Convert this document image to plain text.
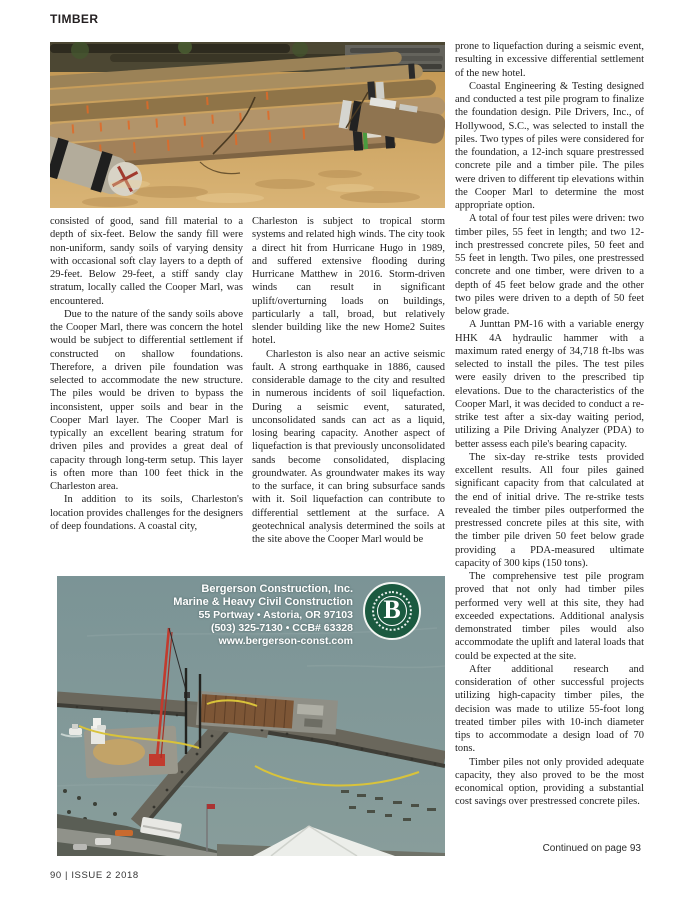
TIMBER

consisted of good, sand fill material to a depth of six-feet. Below the sandy fill were non-uniform, sandy soils of varying density with occasional soft clay layers to a depth of 29-feet. Below 29-feet, a stiff sandy clay stratum, locally called the Cooper Marl, was encountered.

Due to the nature of the sandy soils above the Cooper Marl, there was concern the hotel would be subject to differential settlement if constructed on shallow foundations. Therefore, a driven pile foundation was selected to accommodate the new structure. The piles would be driven to bypass the inconsistent, upper soils and bear in the Cooper Marl layer. The Cooper Marl is typically an excellent bearing stratum for driven piles and provides a great deal of capacity through long-term setup. This layer is often more than 100 feet thick in the Charleston area.

In addition to its soils, Charleston's location provides challenges for the designers of deep foundations. A coastal city,

Charleston is subject to tropical storm systems and related high winds. The city took a direct hit from Hurricane Hugo in 1989, and suffered extensive flooding during Hurricane Matthew in 2016. Storm-driven winds can result in significant uplift/overturning loads on buildings, particularly a tall, broad, but relatively slender building like the new Home2 Suites hotel.

Charleston is also near an active seismic fault. A strong earthquake in 1886, caused considerable damage to the city and resulted in numerous incidents of soil liquefaction. During a seismic event, saturated, unconsolidated sands can act as a liquid, losing bearing capacity. Another aspect of liquefaction is that previously unconsolidated sands become consolidated, displacing groundwater. As groundwater makes its way to the surface, it can bring subsurface sands with it. Soil liquefaction can contribute to differential settlement at the surface. A geotechnical analysis determined the soils at the site above the Cooper Marl would be

prone to liquefaction during a seismic event, resulting in excessive differential settlement of the new hotel.

Coastal Engineering & Testing designed and conducted a test pile program to finalize the foundation design. Pile Drivers, Inc., of Hollywood, S.C., was selected to install the piles. Two types of piles were considered for the foundation, a 12-inch square prestressed concrete pile and a timber pile. The piles were driven to different tip elevations within the Cooper Marl to determine the most appropriate option.

A total of four test piles were driven: two timber piles, 55 feet in length; and two 12-inch prestressed concrete piles, 50 feet and 55 feet in length. Two piles, one prestressed concrete and one timber, were driven to a depth of 45 feet below grade and the other two piles were driven to a depth of 50 feet below grade.

A Junttan PM-16 with a variable energy HHK 4A hydraulic hammer with a maximum rated energy of 34,718 ft-lbs was selected to install the piles. The test piles were easily driven to the prescribed tip elevations. Due to the characteristics of the Cooper Marl, it was decided to conduct a re-strike test after a six-day waiting period, utilizing a Pile Driving Analyzer (PDA) to better assess each pile's bearing capacity.

The six-day re-strike tests provided excellent results. All four piles gained significant capacity from that calculated at the end of initial drive. The re-strike tests revealed the timber piles outperformed the prestressed concrete piles at this site, with the timber pile driven 50 feet below grade providing a PDA-measured ultimate capacity of 300 kips (150 tons).

The comprehensive test pile program proved that not only had timber piles performed very well at this site, they had exceeded expectations. Additional analysis demonstrated timber piles would also accommodate the uplift and lateral loads that could be expected at the site.

After additional research and consideration of other successful projects utilizing high-capacity timber piles, the decision was made to utilize 55-foot long treated timber piles with 10-inch diameter tips to accommodate a design load of 70 tons.

Timber piles not only provided adequate capacity, they also proved to be the most economical option, providing a substantial cost savings over prestressed concrete piles.

Bergerson Construction, Inc.
Marine & Heavy Civil Construction
55 Portway • Astoria, OR 97103
(503) 325-7130 • CCB# 63328
www.bergerson-const.com
B
Continued on page 93
90 | ISSUE 2 2018
